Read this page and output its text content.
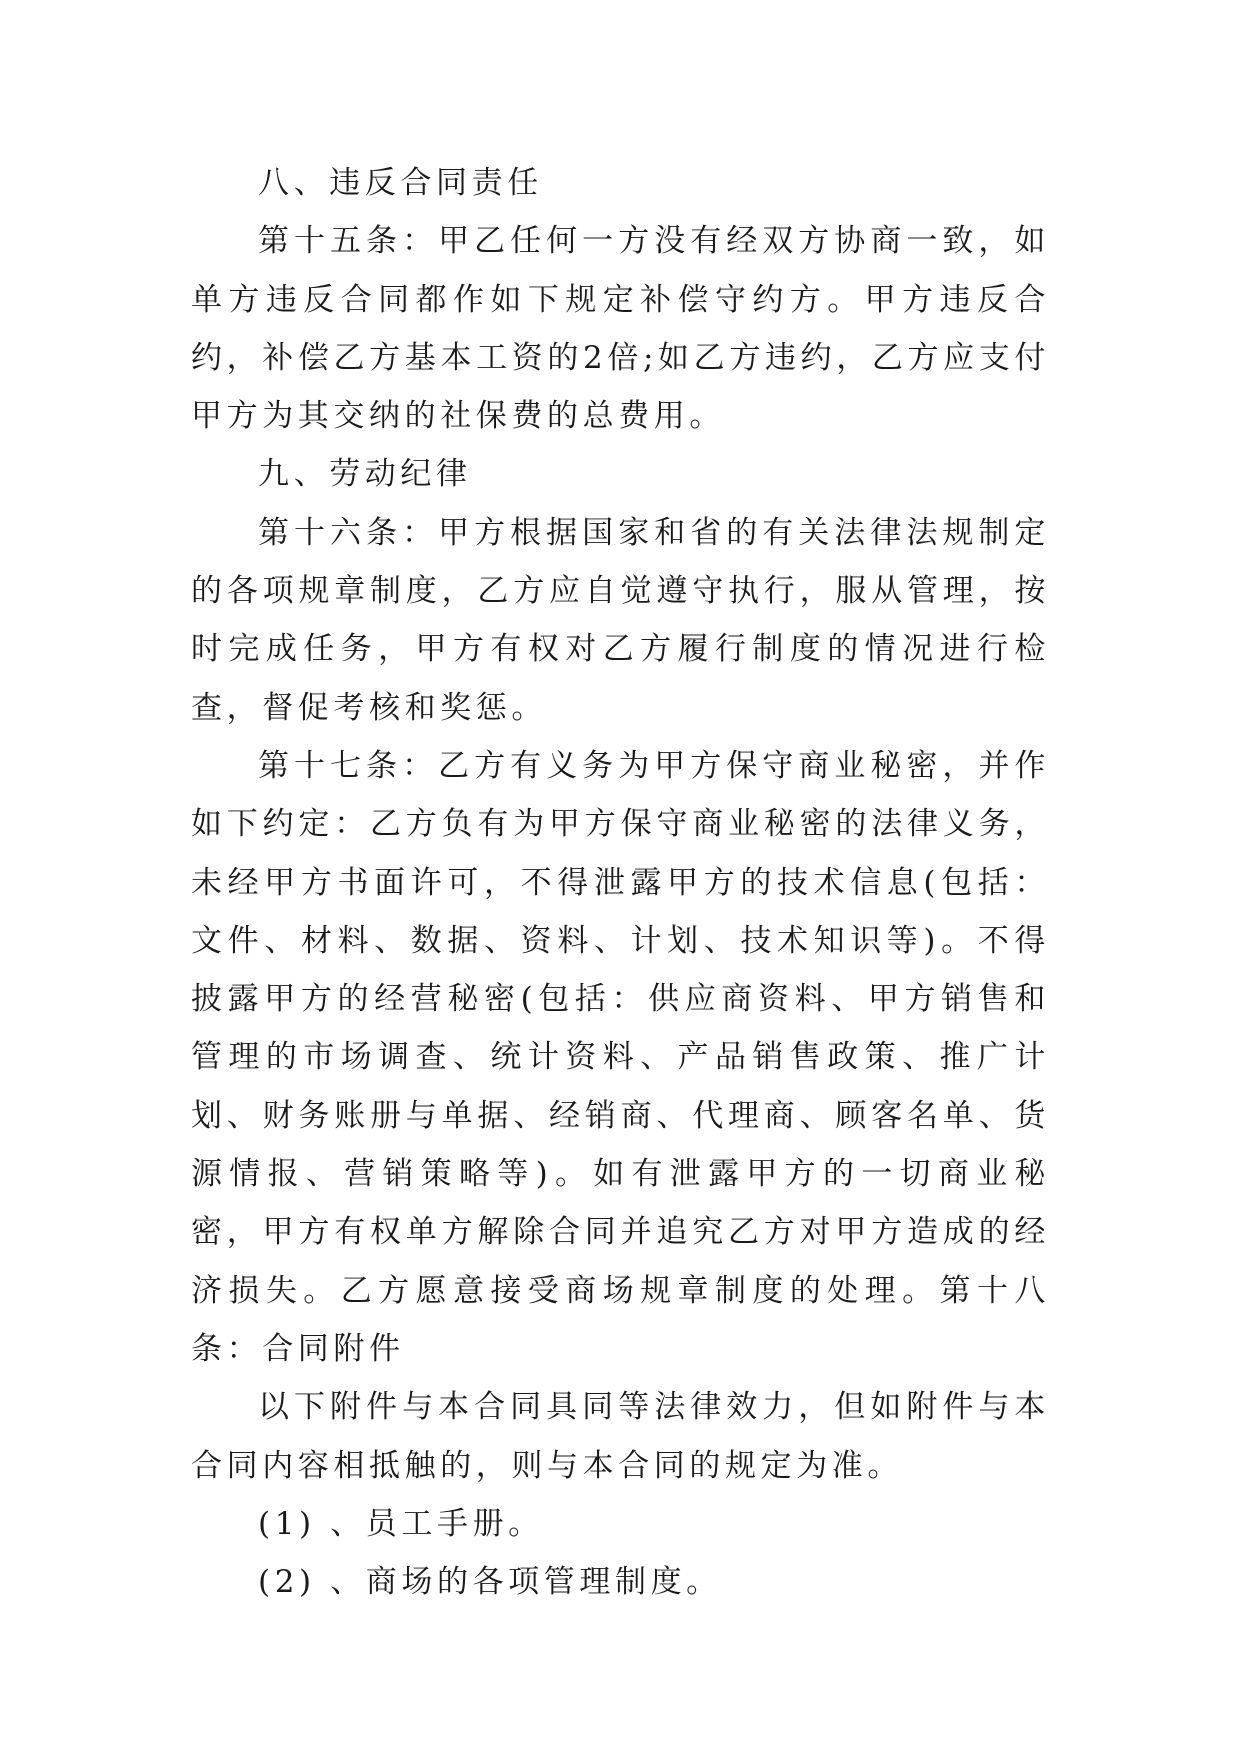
八、违反合同责任

第十五条：甲乙任何一方没有经双方协商一致，如单方违反合同都作如下规定补偿守约方。甲方违反合约，补偿乙方基本工资的2倍;如乙方违约，乙方应支付甲方为其交纳的社保费的总费用。

九、劳动纪律

第十六条：甲方根据国家和省的有关法律法规制定的各项规章制度，乙方应自觉遵守执行，服从管理，按时完成任务，甲方有权对乙方履行制度的情况进行检查，督促考核和奖惩。

第十七条：乙方有义务为甲方保守商业秘密，并作如下约定：乙方负有为甲方保守商业秘密的法律义务，未经甲方书面许可，不得泄露甲方的技术信息(包括：文件、材料、数据、资料、计划、技术知识等)。不得披露甲方的经营秘密(包括：供应商资料、甲方销售和管理的市场调查、统计资料、产品销售政策、推广计划、财务账册与单据、经销商、代理商、顾客名单、货源情报、营销策略等)。如有泄露甲方的一切商业秘密，甲方有权单方解除合同并追究乙方对甲方造成的经济损失。乙方愿意接受商场规章制度的处理。第十八条：合同附件

以下附件与本合同具同等法律效力，但如附件与本合同内容相抵触的，则与本合同的规定为准。

(1) 、员工手册。

(2) 、商场的各项管理制度。
